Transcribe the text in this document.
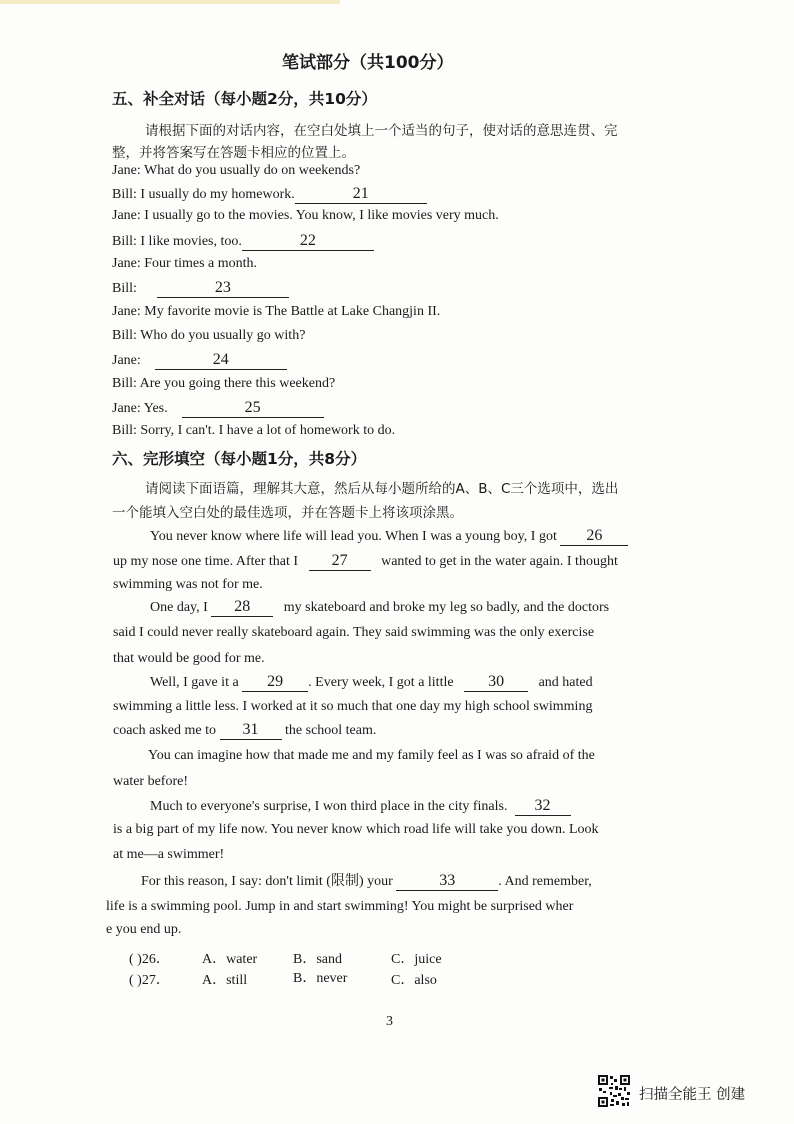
笔试部分（共100分）
五、补全对话（每小题2分，共10分）
请根据下面的对话内容，在空白处填上一个适当的句子，使对话的意思连贯、完
整，并将答案写在答题卡相应的位置上。
Jane: What do you usually do on weekends?
Bill: I usually do my homework.	21
Jane: I usually go to the movies. You know, I like movies very much.
Bill: I like movies, too.	22
Jane: Four times a month.
Bill:	23
Jane: My favorite movie is The Battle at Lake Changjin II.
Bill: Who do you usually go with?
Jane:	24
Bill: Are you going there this weekend?
Jane: Yes.	25
Bill: Sorry, I can't. I have a lot of homework to do.
六、完形填空（每小题1分，共8分）
请阅读下面语篇，理解其大意，然后从每小题所给的A、B、C三个选项中，选出
一个能填入空白处的最佳选项，并在答题卡上将该项涂黑。
You never know where life will lead you. When I was a young boy, I got 26
up my nose one time. After that I 27 wanted to get in the water again. I thought
swimming was not for me.
One day, I 28 my skateboard and broke my leg so badly, and the doctors
said I could never really skateboard again. They said swimming was the only exercise
that would be good for me.
Well, I gave it a 29 . Every week, I got a little 30 and hated
swimming a little less. I worked at it so much that one day my high school swimming
coach asked me to 31 the school team.
You can imagine how that made me and my family feel as I was so afraid of the
water before!
Much to everyone's surprise, I won third place in the city finals. 32
is a big part of my life now. You never know which road life will take you down. Look
at me—a swimmer!
For this reason, I say: don't limit (限制) your	33	. And remember,
life is a swimming pool. Jump in and start swimming! You might be surprised wher
e you end up.
( )26． A．water	B．sand	C．juice
( )27． A．still	B．never	C．also
3
扫描全能王 创建
